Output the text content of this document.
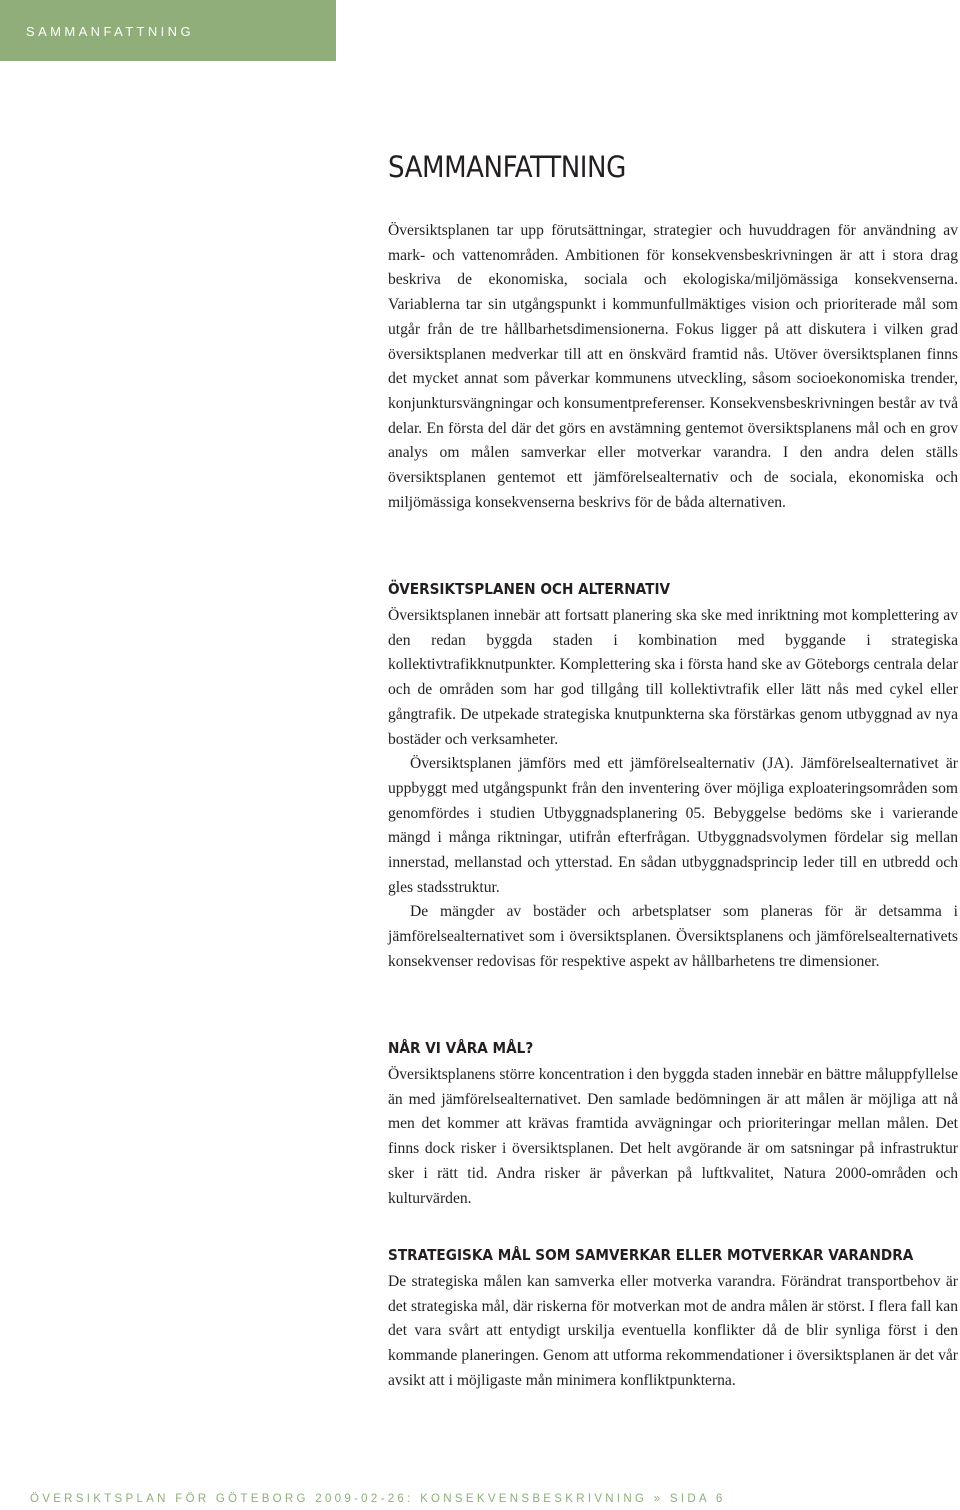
SAMMANFATTNING
SAMMANFATTNING

Översiktsplanen tar upp förutsättningar, strategier och huvuddragen för användning av mark- och vattenområden. Ambitionen för konsekvensbeskrivningen är att i stora drag beskriva de ekonomiska, sociala och ekologiska/miljömässiga konsekvenserna. Variablerna tar sin utgångspunkt i kommunfullmäktiges vision och prioriterade mål som utgår från de tre hållbarhetsdimensionerna. Fokus ligger på att diskutera i vilken grad översiktsplanen medverkar till att en önskvärd framtid nås. Utöver översiktsplanen finns det mycket annat som påverkar kommunens utveckling, såsom socioekonomiska trender, konjunktursvängningar och konsumentpreferenser. Konsekvensbeskrivningen består av två delar. En första del där det görs en avstämning gentemot översiktsplanens mål och en grov analys om målen samverkar eller motverkar varandra. I den andra delen ställs översiktsplanen gentemot ett jämförelsealternativ och de sociala, ekonomiska och miljömässiga konsekvenserna beskrivs för de båda alternativen.

ÖVERSIKTSPLANEN OCH ALTERNATIV

Översiktsplanen innebär att fortsatt planering ska ske med inriktning mot komplettering av den redan byggda staden i kombination med byggande i strategiska kollektivtrafikknutpunkter. Komplettering ska i första hand ske av Göteborgs centrala delar och de områden som har god tillgång till kollektivtrafik eller lätt nås med cykel eller gångtrafik. De utpekade strategiska knutpunkterna ska förstärkas genom utbyggnad av nya bostäder och verksamheter.

Översiktsplanen jämförs med ett jämförelsealternativ (JA). Jämförelsealternativet är uppbyggt med utgångspunkt från den inventering över möjliga exploateringsområden som genomfördes i studien Utbyggnadsplanering 05. Bebyggelse bedöms ske i varierande mängd i många riktningar, utifrån efterfrågan. Utbyggnadsvolymen fördelar sig mellan innerstad, mellanstad och ytterstad. En sådan utbyggnadsprincip leder till en utbredd och gles stadsstruktur.

De mängder av bostäder och arbetsplatser som planeras för är detsamma i jämförelsealternativet som i översiktsplanen. Översiktsplanens och jämförelsealternativets konsekvenser redovisas för respektive aspekt av hållbarhetens tre dimensioner.

NÅR VI VÅRA MÅL?

Översiktsplanens större koncentration i den byggda staden innebär en bättre måluppfyllelse än med jämförelsealternativet. Den samlade bedömningen är att målen är möjliga att nå men det kommer att krävas framtida avvägningar och prioriteringar mellan målen. Det finns dock risker i översiktsplanen. Det helt avgörande är om satsningar på infrastruktur sker i rätt tid. Andra risker är påverkan på luftkvalitet, Natura 2000-områden och kulturvärden.

STRATEGISKA MÅL SOM SAMVERKAR ELLER MOTVERKAR VARANDRA

De strategiska målen kan samverka eller motverka varandra. Förändrat transportbehov är det strategiska mål, där riskerna för motverkan mot de andra målen är störst. I flera fall kan det vara svårt att entydigt urskilja eventuella konflikter då de blir synliga först i den kommande planeringen. Genom att utforma rekommendationer i översiktsplanen är det vår avsikt att i möjligaste mån minimera konfliktpunkterna.

ÖVERSIKTSPLAN FÖR GÖTEBORG 2009-02-26: KONSEKVENSBESKRIVNING » SIDA 6
